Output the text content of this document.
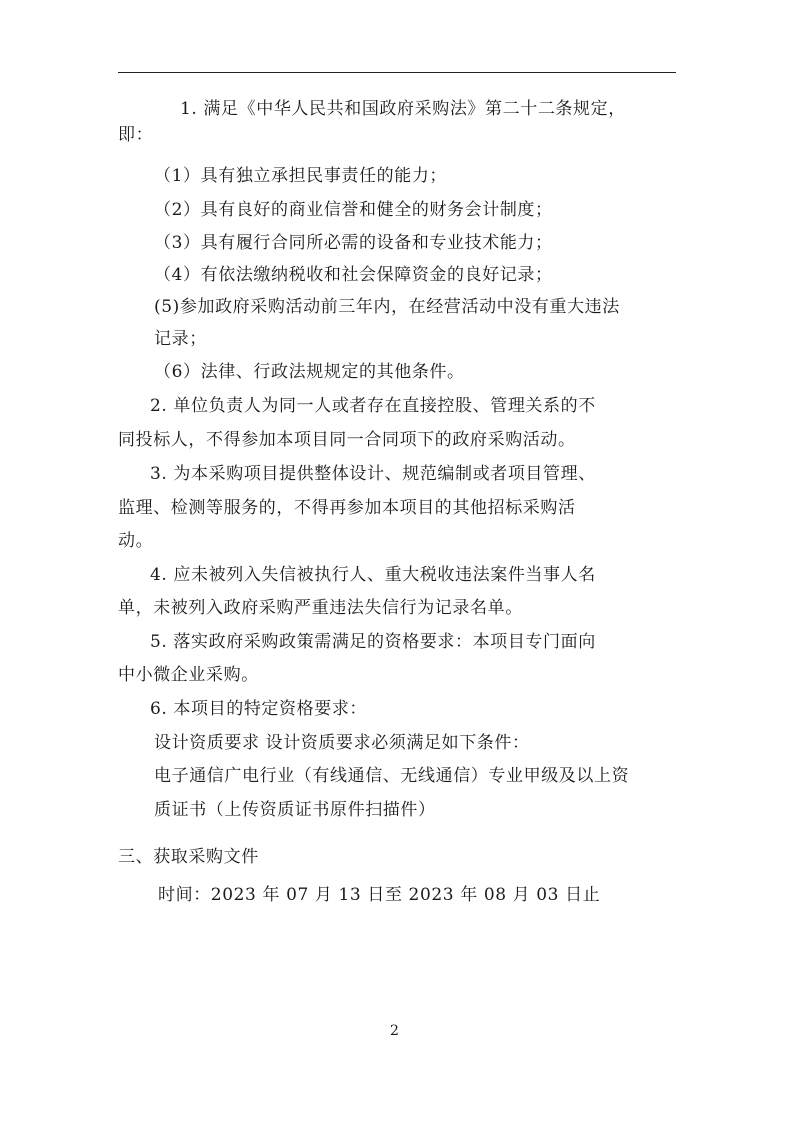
1. 满足《中华人民共和国政府采购法》第二十二条规定，
即：
（1）具有独立承担民事责任的能力；
（2）具有良好的商业信誉和健全的财务会计制度；
（3）具有履行合同所必需的设备和专业技术能力；
（4）有依法缴纳税收和社会保障资金的良好记录；
(5)参加政府采购活动前三年内，在经营活动中没有重大违法
记录；
（6）法律、行政法规规定的其他条件。
2. 单位负责人为同一人或者存在直接控股、管理关系的不
同投标人，不得参加本项目同一合同项下的政府采购活动。
3. 为本采购项目提供整体设计、规范编制或者项目管理、
监理、检测等服务的，不得再参加本项目的其他招标采购活
动。
4. 应未被列入失信被执行人、重大税收违法案件当事人名
单，未被列入政府采购严重违法失信行为记录名单。
5. 落实政府采购政策需满足的资格要求：本项目专门面向
中小微企业采购。
6. 本项目的特定资格要求：
设计资质要求 设计资质要求必须满足如下条件：
电子通信广电行业（有线通信、无线通信）专业甲级及以上资
质证书（上传资质证书原件扫描件）
三、获取采购文件
时间：2023 年 07 月 13 日至 2023 年 08 月 03 日止
2
